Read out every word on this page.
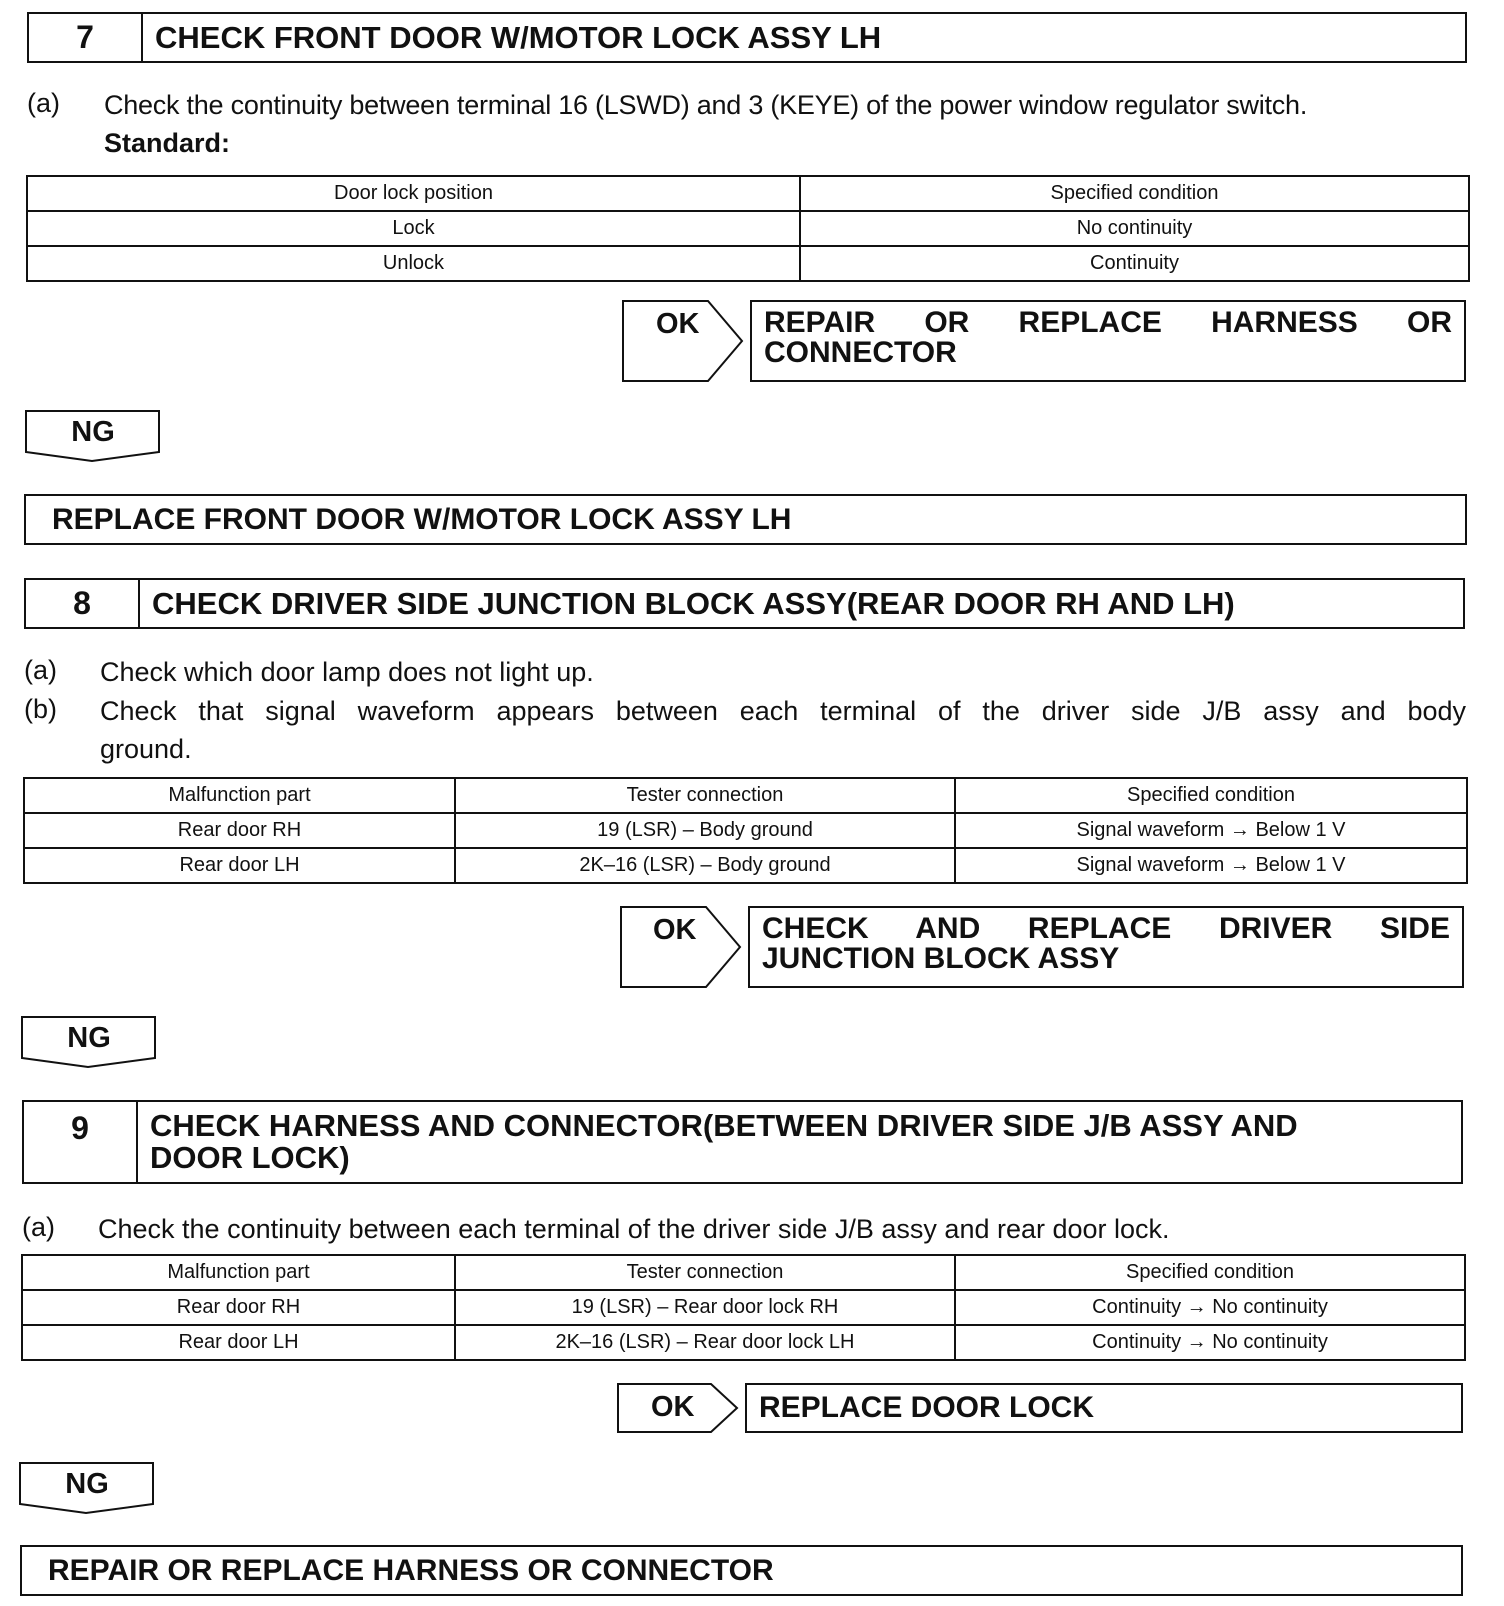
7	CHECK FRONT DOOR W/MOTOR LOCK ASSY LH
(a) Check the continuity between terminal 16 (LSWD) and 3 (KEYE) of the power window regulator switch.
Standard:
Door lock position	Specified condition
Lock	No continuity
Unlock	Continuity
OK REPAIR OR REPLACE HARNESS OR
CONNECTOR
NG
REPLACE FRONT DOOR W/MOTOR LOCK ASSY LH
8	CHECK DRIVER SIDE JUNCTION BLOCK ASSY(REAR DOOR RH AND LH)
(a) Check which door lamp does not light up.
(b) Check that signal waveform appears between each terminal of the driver side J/B assy and body
ground.
Malfunction part	Tester connection	Specified condition
Rear door RH	19 (LSR) – Body ground	Signal waveform → Below 1 V
Rear door LH	2K–16 (LSR) – Body ground	Signal waveform → Below 1 V
OK CHECK AND REPLACE DRIVER SIDE
JUNCTION BLOCK ASSY
NG
9	CHECK HARNESS AND CONNECTOR(BETWEEN DRIVER SIDE J/B ASSY AND
DOOR LOCK)
(a) Check the continuity between each terminal of the driver side J/B assy and rear door lock.
Malfunction part	Tester connection	Specified condition
Rear door RH	19 (LSR) – Rear door lock RH	Continuity → No continuity
Rear door LH	2K–16 (LSR) – Rear door lock LH	Continuity → No continuity
OK	REPLACE DOOR LOCK
NG
REPAIR OR REPLACE HARNESS OR CONNECTOR
